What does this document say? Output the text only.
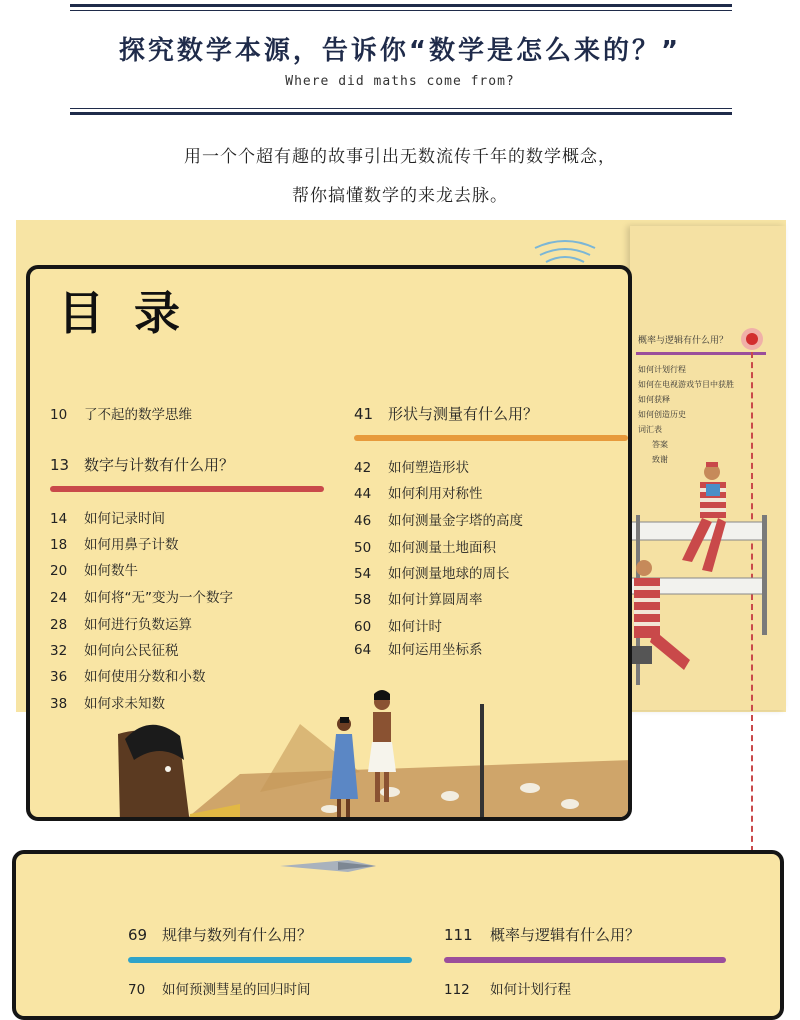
探究数学本源，告诉你“数学是怎么来的？”
Where did maths come from?
用一个个超有趣的故事引出无数流传千年的数学概念，
帮你搞懂数学的来龙去脉。
概率与逻辑有什么用？
如何计划行程
如何在电视游戏节目中获胜
如何获释
如何创造历史
词汇表
答案
致谢
目录
10 了不起的数学思维
13 数字与计数有什么用？
14 如何记录时间
18 如何用鼻子计数
20 如何数牛
24 如何将“无”变为一个数字
28 如何进行负数运算
32 如何向公民征税
36 如何使用分数和小数
38 如何求未知数
41 形状与测量有什么用？
42 如何塑造形状
44 如何利用对称性
46 如何测量金字塔的高度
50 如何测量土地面积
54 如何测量地球的周长
58 如何计算圆周率
60 如何计时
64 如何运用坐标系
69 规律与数列有什么用？
70 如何预测彗星的回归时间
111 概率与逻辑有什么用？
112 如何计划行程
